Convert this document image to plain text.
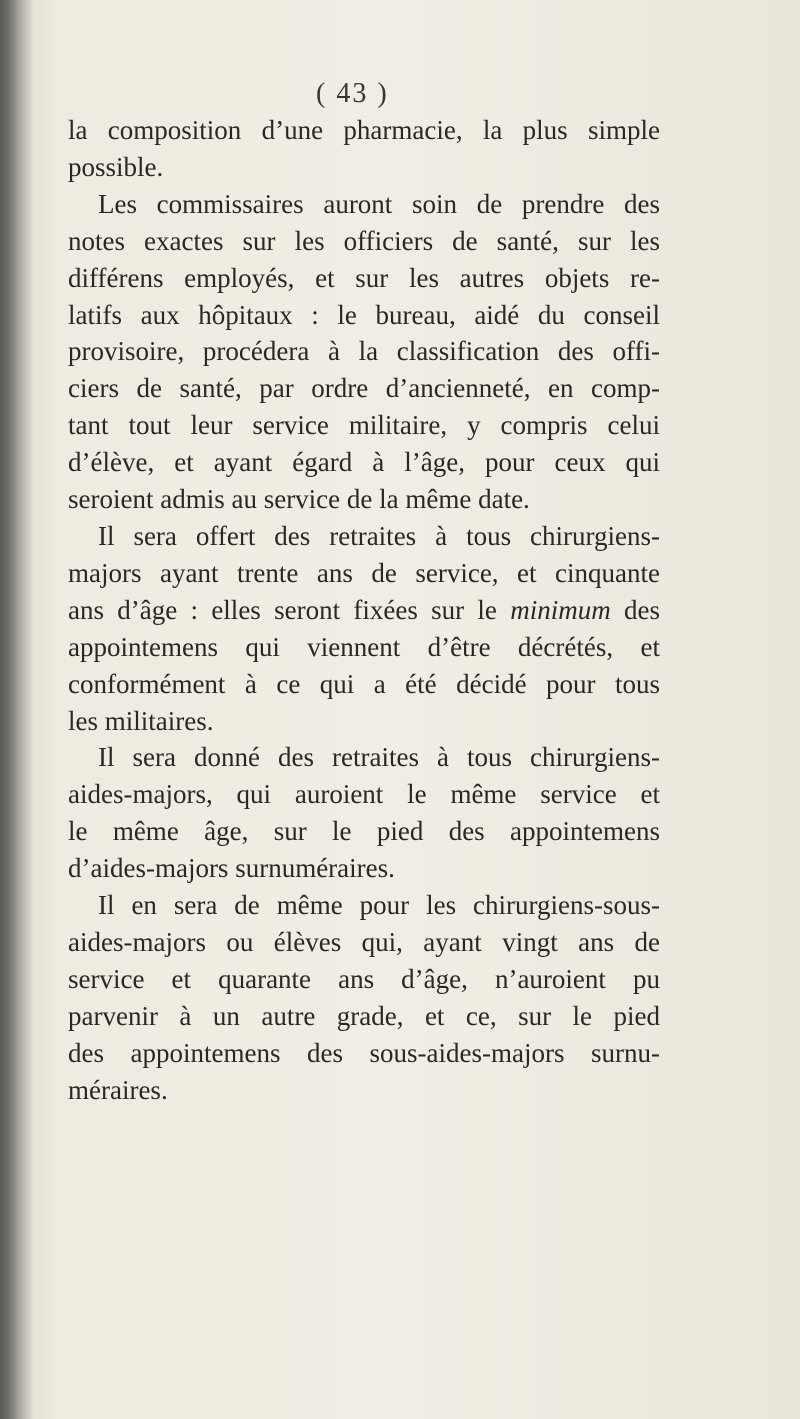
( 43 )
la composition d’une pharmacie, la plus simple
possible.
Les commissaires auront soin de prendre des
notes exactes sur les officiers de santé, sur les
différens employés, et sur les autres objets re-
latifs aux hôpitaux : le bureau, aidé du conseil
provisoire, procédera à la classification des offi-
ciers de santé, par ordre d’ancienneté, en comp-
tant tout leur service militaire, y compris celui
d’élève, et ayant égard à l’âge, pour ceux qui
seroient admis au service de la même date.
Il sera offert des retraites à tous chirurgiens-
majors ayant trente ans de service, et cinquante
ans d’âge : elles seront fixées sur le minimum des
appointemens qui viennent d’être décrétés, et
conformément à ce qui a été décidé pour tous
les militaires.
Il sera donné des retraites à tous chirurgiens-
aides-majors, qui auroient le même service et
le même âge, sur le pied des appointemens
d’aides-majors surnuméraires.
Il en sera de même pour les chirurgiens-sous-
aides-majors ou élèves qui, ayant vingt ans de
service et quarante ans d’âge, n’auroient pu
parvenir à un autre grade, et ce, sur le pied
des appointemens des sous-aides-majors surnu-
méraires.
